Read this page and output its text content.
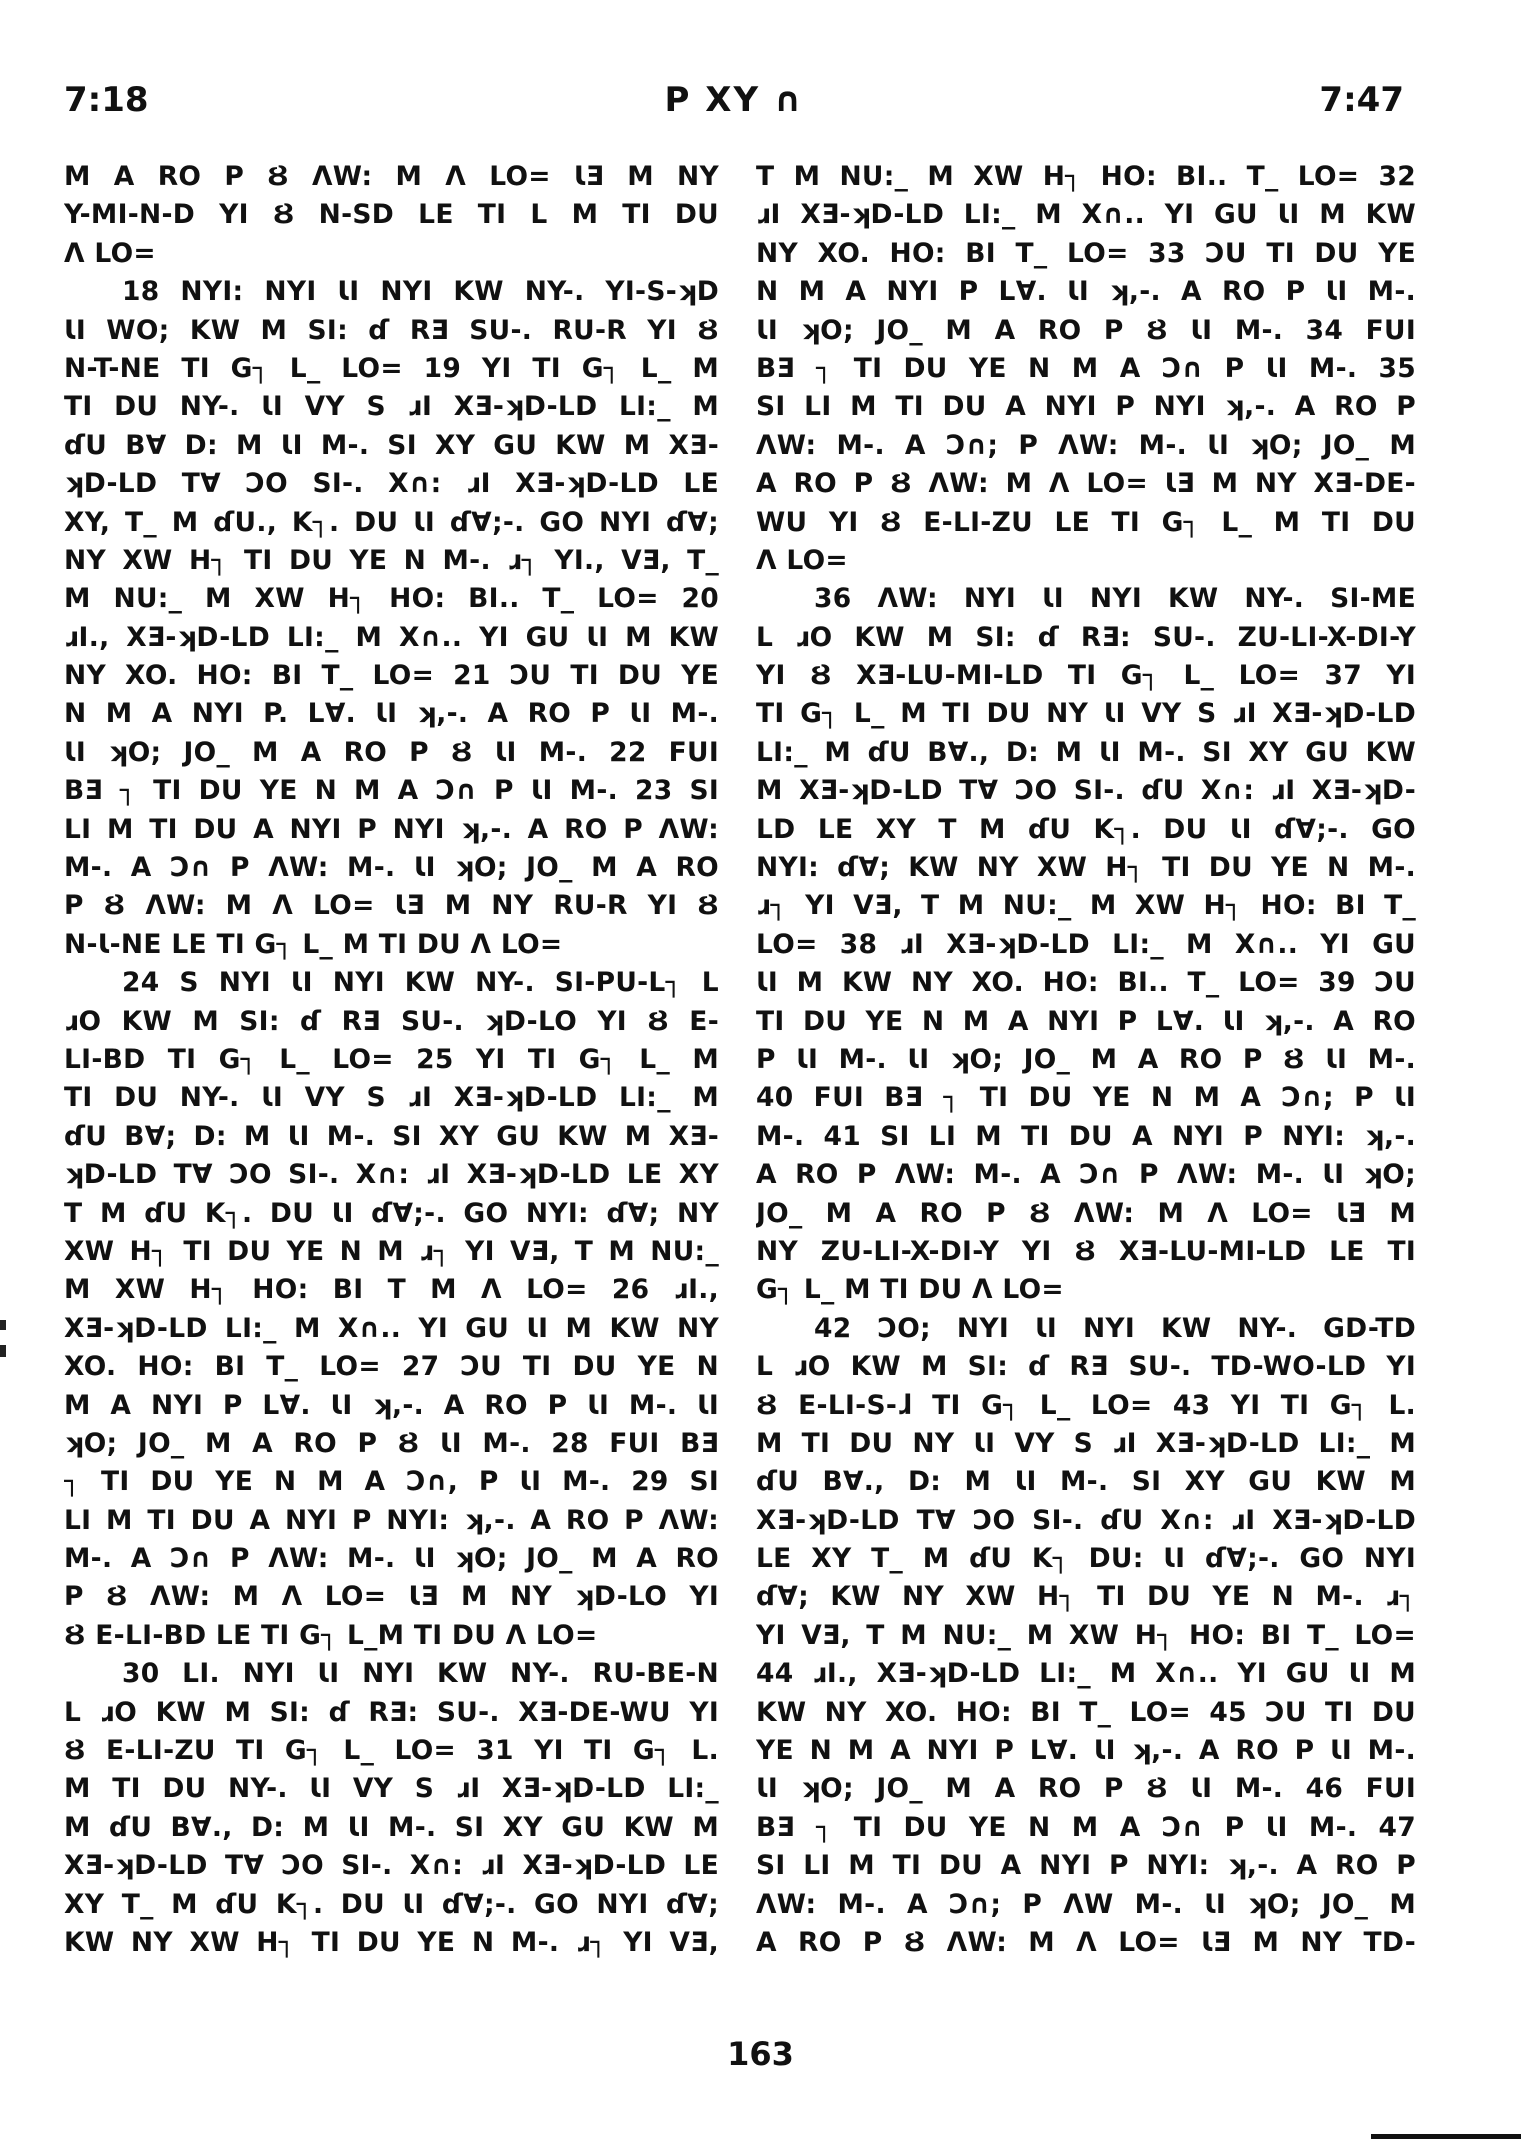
7:18	P XY ∩	7:47
M A RO P Ȣ ΛW: M Λ LO= ƖƎ M NY
Y-MI-N-D YI Ȣ N-SD LE TI L M TI DU
Λ LO=
18 NYI: NYI ƖI NYI KW NY-. YI-S-ʞD
ƖI WO; KW M SI: ɗ RƎ SU-. RU-R YI Ȣ
N-T-NE TI G┐ L_ LO= 19 YI TI G┐ L_ M
TI DU NY-. ƖI VY S ɹI XƎ-ʞD-LD LI:_ M
ɗU B∀ D: M ƖI M-. SI XY GU KW M XƎ-
ʞD-LD T∀ ƆO SI-. X∩: ɹI XƎ-ʞD-LD LE
XY, T_ M ɗU., K┐. DU ƖI ɗ∀;-. GO NYI ɗ∀;
NY XW H┐ TI DU YE N M-. ɹ┐ YI., VƎ, T_
M NU:_ M XW H┐ HO: BI.. T_ LO= 20
ɹI., XƎ-ʞD-LD LI:_ M X∩.. YI GU ƖI M KW
NY XO. HO: BI T_ LO= 21 ƆU TI DU YE
N M A NYI P. L∀. ƖI ʞ,-. A RO P ƖI M-.
ƖI ʞO; JO_ M A RO P Ȣ ƖI M-. 22 FUI
BƎ ┐ TI DU YE N M A Ɔ∩ P ƖI M-. 23 SI
LI M TI DU A NYI P NYI ʞ,-. A RO P ΛW:
M-. A Ɔ∩ P ΛW: M-. ƖI ʞO; JO_ M A RO
P Ȣ ΛW: M Λ LO= ƖƎ M NY RU-R YI Ȣ
N-Ɩ-NE LE TI G┐ L_ M TI DU Λ LO=
24 S NYI ƖI NYI KW NY-. SI-PU-L┐ L
ɹO KW M SI: ɗ RƎ SU-. ʞD-LO YI Ȣ E-
LI-BD TI G┐ L_ LO= 25 YI TI G┐ L_ M
TI DU NY-. ƖI VY S ɹI XƎ-ʞD-LD LI:_ M
ɗU B∀; D: M ƖI M-. SI XY GU KW M XƎ-
ʞD-LD T∀ ƆO SI-. X∩: ɹI XƎ-ʞD-LD LE XY
T M ɗU K┐. DU ƖI ɗ∀;-. GO NYI: ɗ∀; NY
XW H┐ TI DU YE N M ɹ┐ YI VƎ, T M NU:_
M XW H┐ HO: BI T M Λ LO= 26 ɹI.,
XƎ-ʞD-LD LI:_ M X∩.. YI GU ƖI M KW NY
XO. HO: BI T_ LO= 27 ƆU TI DU YE N
M A NYI P L∀. ƖI ʞ,-. A RO P ƖI M-. ƖI
ʞO; JO_ M A RO P Ȣ ƖI M-. 28 FUI BƎ
┐ TI DU YE N M A Ɔ∩, P ƖI M-. 29 SI
LI M TI DU A NYI P NYI: ʞ,-. A RO P ΛW:
M-. A Ɔ∩ P ΛW: M-. ƖI ʞO; JO_ M A RO
P Ȣ ΛW: M Λ LO= ƖƎ M NY ʞD-LO YI
Ȣ E-LI-BD LE TI G┐ L_M TI DU Λ LO=
30 LI. NYI ƖI NYI KW NY-. RU-BE-N
L ɹO KW M SI: ɗ RƎ: SU-. XƎ-DE-WU YI
Ȣ E-LI-ZU TI G┐ L_ LO= 31 YI TI G┐ L.
M TI DU NY-. ƖI VY S ɹI XƎ-ʞD-LD LI:_
M ɗU B∀., D: M ƖI M-. SI XY GU KW M
XƎ-ʞD-LD T∀ ƆO SI-. X∩: ɹI XƎ-ʞD-LD LE
XY T_ M ɗU K┐. DU ƖI ɗ∀;-. GO NYI ɗ∀;
KW NY XW H┐ TI DU YE N M-. ɹ┐ YI VƎ,
T M NU:_ M XW H┐ HO: BI.. T_ LO= 32
ɹI XƎ-ʞD-LD LI:_ M X∩.. YI GU ƖI M KW
NY XO. HO: BI T_ LO= 33 ƆU TI DU YE
N M A NYI P L∀. ƖI ʞ,-. A RO P ƖI M-.
ƖI ʞO; JO_ M A RO P Ȣ ƖI M-. 34 FUI
BƎ ┐ TI DU YE N M A Ɔ∩ P ƖI M-. 35
SI LI M TI DU A NYI P NYI ʞ,-. A RO P
ΛW: M-. A Ɔ∩; P ΛW: M-. ƖI ʞO; JO_ M
A RO P Ȣ ΛW: M Λ LO= ƖƎ M NY XƎ-DE-
WU YI Ȣ E-LI-ZU LE TI G┐ L_ M TI DU
Λ LO=
36 ΛW: NYI ƖI NYI KW NY-. SI-ME
L ɹO KW M SI: ɗ RƎ: SU-. ZU-LI-X-DI-Y
YI Ȣ XƎ-LU-MI-LD TI G┐ L_ LO= 37 YI
TI G┐ L_ M TI DU NY ƖI VY S ɹI XƎ-ʞD-LD
LI:_ M ɗU B∀., D: M ƖI M-. SI XY GU KW
M XƎ-ʞD-LD T∀ ƆO SI-. ɗU X∩: ɹI XƎ-ʞD-
LD LE XY T M ɗU K┐. DU ƖI ɗ∀;-. GO
NYI: ɗ∀; KW NY XW H┐ TI DU YE N M-.
ɹ┐ YI VƎ, T M NU:_ M XW H┐ HO: BI T_
LO= 38 ɹI XƎ-ʞD-LD LI:_ M X∩.. YI GU
ƖI M KW NY XO. HO: BI.. T_ LO= 39 ƆU
TI DU YE N M A NYI P L∀. ƖI ʞ,-. A RO
P ƖI M-. ƖI ʞO; JO_ M A RO P Ȣ ƖI M-.
40 FUI BƎ ┐ TI DU YE N M A Ɔ∩; P ƖI
M-. 41 SI LI M TI DU A NYI P NYI: ʞ,-.
A RO P ΛW: M-. A Ɔ∩ P ΛW: M-. ƖI ʞO;
JO_ M A RO P Ȣ ΛW: M Λ LO= ƖƎ M
NY ZU-LI-X-DI-Y YI Ȣ XƎ-LU-MI-LD LE TI
G┐ L_ M TI DU Λ LO=
42 ƆO; NYI ƖI NYI KW NY-. GD-TD
L ɹO KW M SI: ɗ RƎ SU-. TD-WO-LD YI
Ȣ E-LI-S-ɺ TI G┐ L_ LO= 43 YI TI G┐ L.
M TI DU NY ƖI VY S ɹI XƎ-ʞD-LD LI:_ M
ɗU B∀., D: M ƖI M-. SI XY GU KW M
XƎ-ʞD-LD T∀ ƆO SI-. ɗU X∩: ɹI XƎ-ʞD-LD
LE XY T_ M ɗU K┐ DU: ƖI ɗ∀;-. GO NYI
ɗ∀; KW NY XW H┐ TI DU YE N M-. ɹ┐
YI VƎ, T M NU:_ M XW H┐ HO: BI T_ LO=
44 ɹI., XƎ-ʞD-LD LI:_ M X∩.. YI GU ƖI M
KW NY XO. HO: BI T_ LO= 45 ƆU TI DU
YE N M A NYI P L∀. ƖI ʞ,-. A RO P ƖI M-.
ƖI ʞO; JO_ M A RO P Ȣ ƖI M-. 46 FUI
BƎ ┐ TI DU YE N M A Ɔ∩ P ƖI M-. 47
SI LI M TI DU A NYI P NYI: ʞ,-. A RO P
ΛW: M-. A Ɔ∩; P ΛW M-. ƖI ʞO; JO_ M
A RO P Ȣ ΛW: M Λ LO= ƖƎ M NY TD-
163
